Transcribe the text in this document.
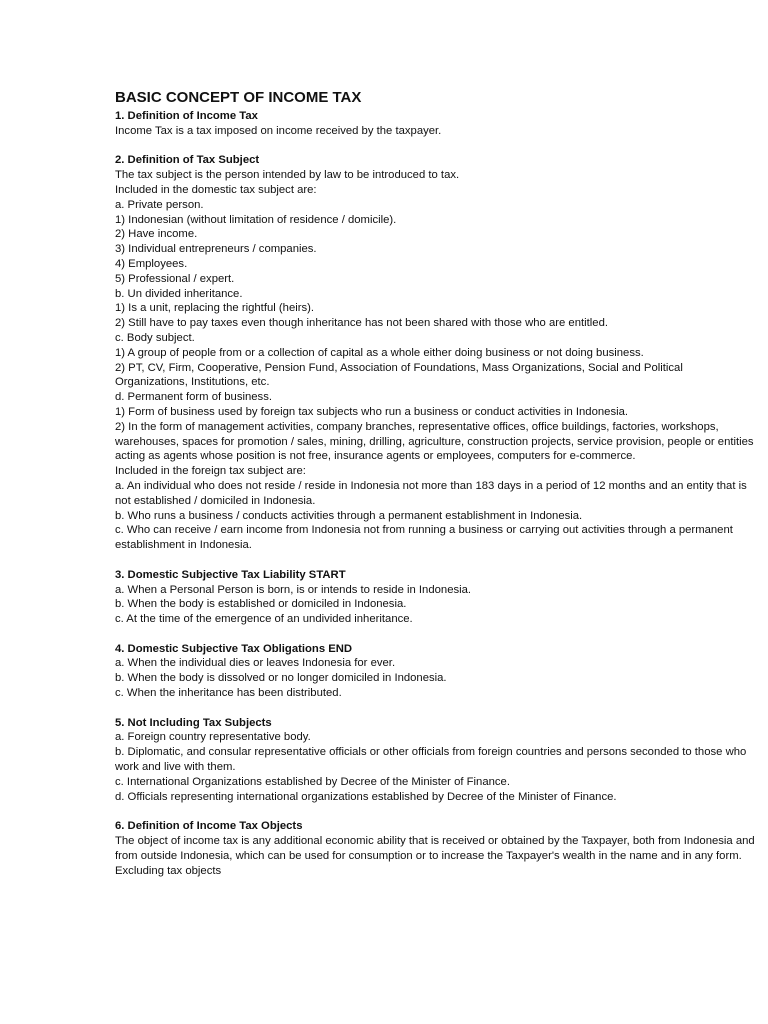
BASIC CONCEPT OF INCOME TAX
1. Definition of Income Tax
Income Tax is a tax imposed on income received by the taxpayer.
2. Definition of Tax Subject
The tax subject is the person intended by law to be introduced to tax.
Included in the domestic tax subject are:
a. Private person.
1) Indonesian (without limitation of residence / domicile).
2) Have income.
3) Individual entrepreneurs / companies.
4) Employees.
5) Professional / expert.
b. Un divided inheritance.
1) Is a unit, replacing the rightful (heirs).
2) Still have to pay taxes even though inheritance has not been shared with those who are entitled.
c. Body subject.
1) A group of people from or a collection of capital as a whole either doing business or not doing business.
2) PT, CV, Firm, Cooperative, Pension Fund, Association of Foundations, Mass Organizations, Social and Political Organizations, Institutions, etc.
d. Permanent form of business.
1) Form of business used by foreign tax subjects who run a business or conduct activities in Indonesia.
2) In the form of management activities, company branches, representative offices, office buildings, factories, workshops, warehouses, spaces for promotion / sales, mining, drilling, agriculture, construction projects, service provision, people or entities acting as agents whose position is not free, insurance agents or employees, computers for e-commerce.
Included in the foreign tax subject are:
a. An individual who does not reside / reside in Indonesia not more than 183 days in a period of 12 months and an entity that is not established / domiciled in Indonesia.
b. Who runs a business / conducts activities through a permanent establishment in Indonesia.
c. Who can receive / earn income from Indonesia not from running a business or carrying out activities through a permanent establishment in Indonesia.
3. Domestic Subjective Tax Liability START
a. When a Personal Person is born, is or intends to reside in Indonesia.
b. When the body is established or domiciled in Indonesia.
c. At the time of the emergence of an undivided inheritance.
4. Domestic Subjective Tax Obligations END
a. When the individual dies or leaves Indonesia for ever.
b. When the body is dissolved or no longer domiciled in Indonesia.
c. When the inheritance has been distributed.
5. Not Including Tax Subjects
a. Foreign country representative body.
b. Diplomatic, and consular representative officials or other officials from foreign countries and persons seconded to those who work and live with them.
c. International Organizations established by Decree of the Minister of Finance.
d. Officials representing international organizations established by Decree of the Minister of Finance.
6. Definition of Income Tax Objects
The object of income tax is any additional economic ability that is received or obtained by the Taxpayer, both from Indonesia and from outside Indonesia, which can be used for consumption or to increase the Taxpayer's wealth in the name and in any form.
Excluding tax objects
